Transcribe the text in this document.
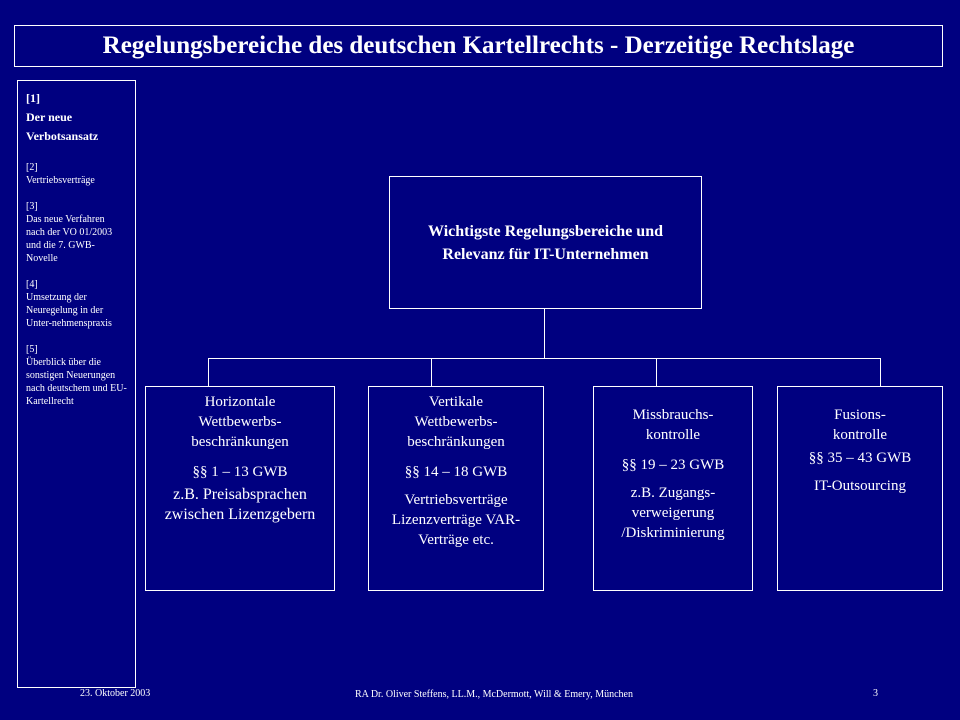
Regelungsbereiche des deutschen Kartellrechts - Derzeitige Rechtslage
[1]
Der neue Verbotsansatz
[2]
Vertriebsverträge
[3]
Das neue Verfahren nach der VO 01/2003 und die 7. GWB-Novelle
[4]
Umsetzung der Neuregelung in der Unter-nehmenspraxis
[5]
Überblick über die sonstigen Neuerungen nach deutschem und EU-Kartellrecht
Wichtigste Regelungsbereiche und Relevanz für IT-Unternehmen
Horizontale Wettbewerbs-beschränkungen
§§ 1 – 13 GWB
z.B. Preisabsprachen zwischen Lizenzgebern
Vertikale Wettbewerbs-beschränkungen
§§ 14 – 18 GWB
Vertriebsverträge Lizenzverträge VAR-Verträge etc.
Missbrauchs-kontrolle
§§ 19 – 23 GWB
z.B. Zugangs-verweigerung /Diskriminierung
Fusions-kontrolle
§§ 35 – 43 GWB
IT-Outsourcing
23. Oktober 2003	RA Dr. Oliver Steffens, LL.M., McDermott, Will & Emery, München	3
